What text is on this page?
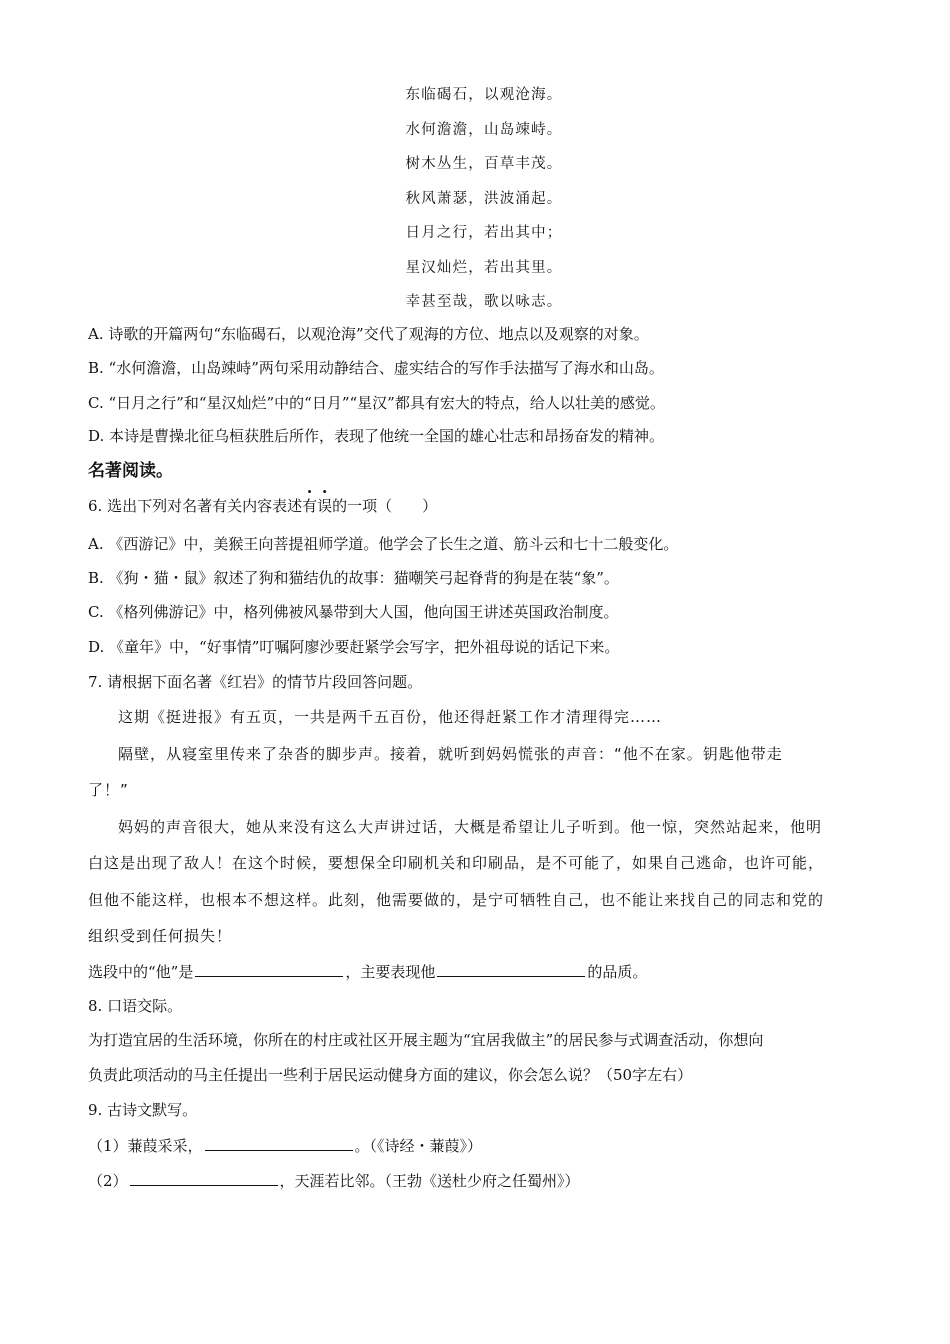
东临碣石，以观沧海。
水何澹澹，山岛竦峙。
树木丛生，百草丰茂。
秋风萧瑟，洪波涌起。
日月之行，若出其中；
星汉灿烂，若出其里。
幸甚至哉，歌以咏志。
A. 诗歌的开篇两句“东临碣石，以观沧海”交代了观海的方位、地点以及观察的对象。
B. “水何澹澹，山岛竦峙”两句采用动静结合、虚实结合的写作手法描写了海水和山岛。
C. “日月之行”和“星汉灿烂”中的“日月”“星汉”都具有宏大的特点，给人以壮美的感觉。
D. 本诗是曹操北征乌桓获胜后所作，表现了他统一全国的雄心壮志和昂扬奋发的精神。
名著阅读。
6. 选出下列对名著有关内容表述有误的一项（　　）
A. 《西游记》中，美猴王向菩提祖师学道。他学会了长生之道、筋斗云和七十二般变化。
B. 《狗・猫・鼠》叙述了狗和猫结仇的故事：猫嘲笑弓起脊背的狗是在装“象”。
C. 《格列佛游记》中，格列佛被风暴带到大人国，他向国王讲述英国政治制度。
D. 《童年》中，“好事情”叮嘱阿廖沙要赶紧学会写字，把外祖母说的话记下来。
7. 请根据下面名著《红岩》的情节片段回答问题。
这期《挺进报》有五页，一共是两千五百份，他还得赶紧工作才清理得完……
隔壁，从寝室里传来了杂沓的脚步声。接着，就听到妈妈慌张的声音：“他不在家。钥匙他带走
了！”
妈妈的声音很大，她从来没有这么大声讲过话，大概是希望让儿子听到。他一惊，突然站起来，他明
白这是出现了敌人！在这个时候，要想保全印刷机关和印刷品，是不可能了，如果自己逃命，也许可能，
但他不能这样，也根本不想这样。此刻，他需要做的，是宁可牺牲自己，也不能让来找自己的同志和党的
组织受到任何损失！
选段中的“他”是	，主要表现他	的品质。
8. 口语交际。
为打造宜居的生活环境，你所在的村庄或社区开展主题为“宜居我做主”的居民参与式调查活动，你想向
负责此项活动的马主任提出一些利于居民运动健身方面的建议，你会怎么说？（50字左右）
9. 古诗文默写。
（1）蒹葭采采，	。（《诗经・蒹葭》）
（2）	，天涯若比邻。（王勃《送杜少府之任蜀州》）
